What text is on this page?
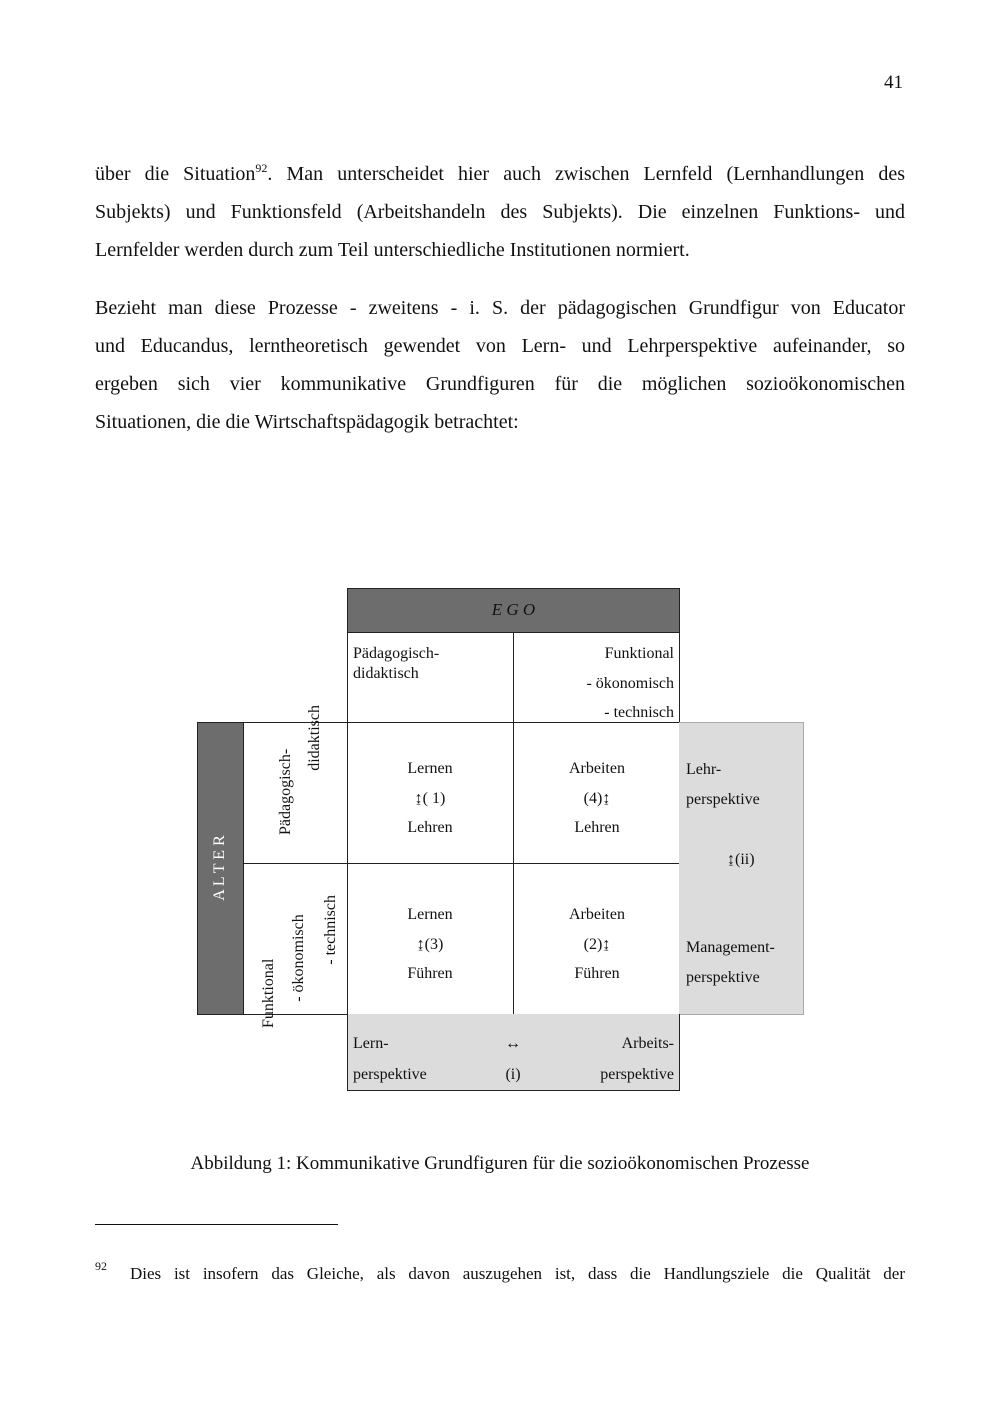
41

über die Situation$^{92}$. Man unterscheidet hier auch zwischen Lernfeld (Lernhandlungen des
Subjekts) und Funktionsfeld (Arbeitshandeln des Subjekts). Die einzelnen Funktions- und
Lernfelder werden durch zum Teil unterschiedliche Institutionen normiert.

Bezieht man diese Prozesse - zweitens - i. S. der pädagogischen Grundfigur von Educator
und Educandus, lerntheoretisch gewendet von Lern- und Lehrperspektive aufeinander, so
ergeben sich vier kommunikative Grundfiguren für die möglichen sozioökonomischen
Situationen, die die Wirtschaftspädagogik betrachtet:

E G O
Pädagogisch-
didaktisch
Funktional
- ökonomisch
- technisch
A L T E R
Pädagogisch-
didaktisch
Funktional - ökonomisch - technisch
Lernen
↨( 1)
Lehren
Arbeiten
(4)↨
Lehren
Lernen
↨(3)
Führen
Arbeiten
(2)↨
Führen
Lehr-
perspektive
↨(ii)
Management-
perspektive
Lern-
perspektive
↔
(i)
Arbeits-
perspektive
Abbildung 1: Kommunikative Grundfiguren für die sozioökonomischen Prozesse
92 Dies ist insofern das Gleiche, als davon auszugehen ist, dass die Handlungsziele die Qualität der
